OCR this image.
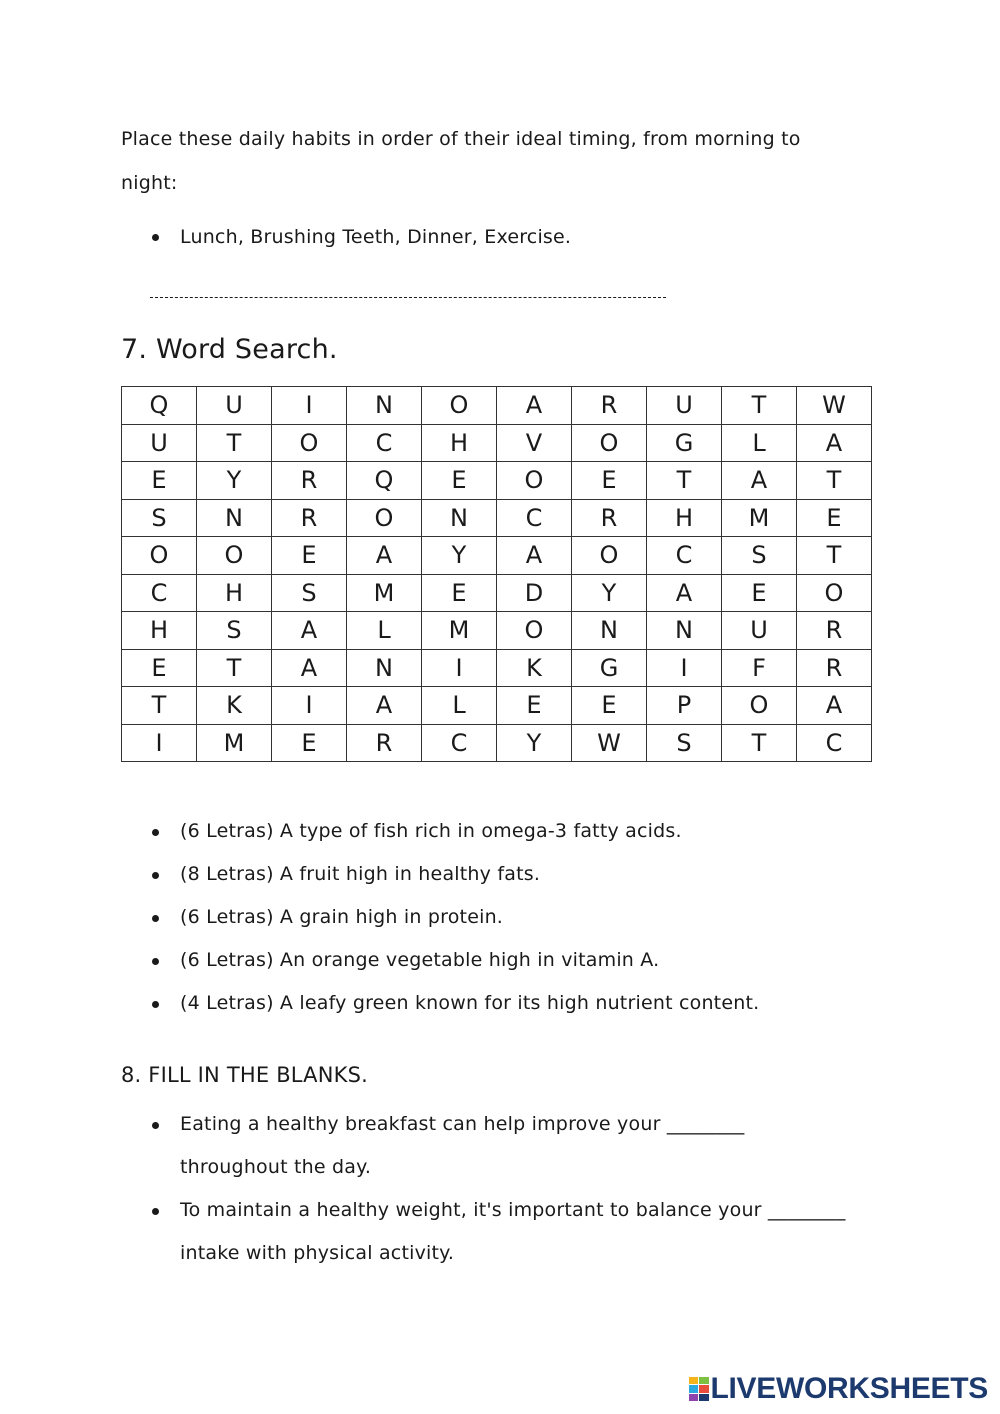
Place these daily habits in order of their ideal timing, from morning to night:

Lunch, Brushing Teeth, Dinner, Exercise.
7. Word Search.
Q	U	I	N	O	A	R	U	T	W
U	T	O	C	H	V	O	G	L	A
E	Y	R	Q	E	O	E	T	A	T
S	N	R	O	N	C	R	H	M	E
O	O	E	A	Y	A	O	C	S	T
C	H	S	M	E	D	Y	A	E	O
H	S	A	L	M	O	N	N	U	R
E	T	A	N	I	K	G	I	F	R
T	K	I	A	L	E	E	P	O	A
I	M	E	R	C	Y	W	S	T	C
(6 Letras) A type of fish rich in omega-3 fatty acids.
(8 Letras) A fruit high in healthy fats.
(6 Letras) A grain high in protein.
(6 Letras) An orange vegetable high in vitamin A.
(4 Letras) A leafy green known for its high nutrient content.
8. FILL IN THE BLANKS.
Eating a healthy breakfast can help improve your ________ throughout the day.
To maintain a healthy weight, it's important to balance your ________ intake with physical activity.
LIVEWORKSHEETS
